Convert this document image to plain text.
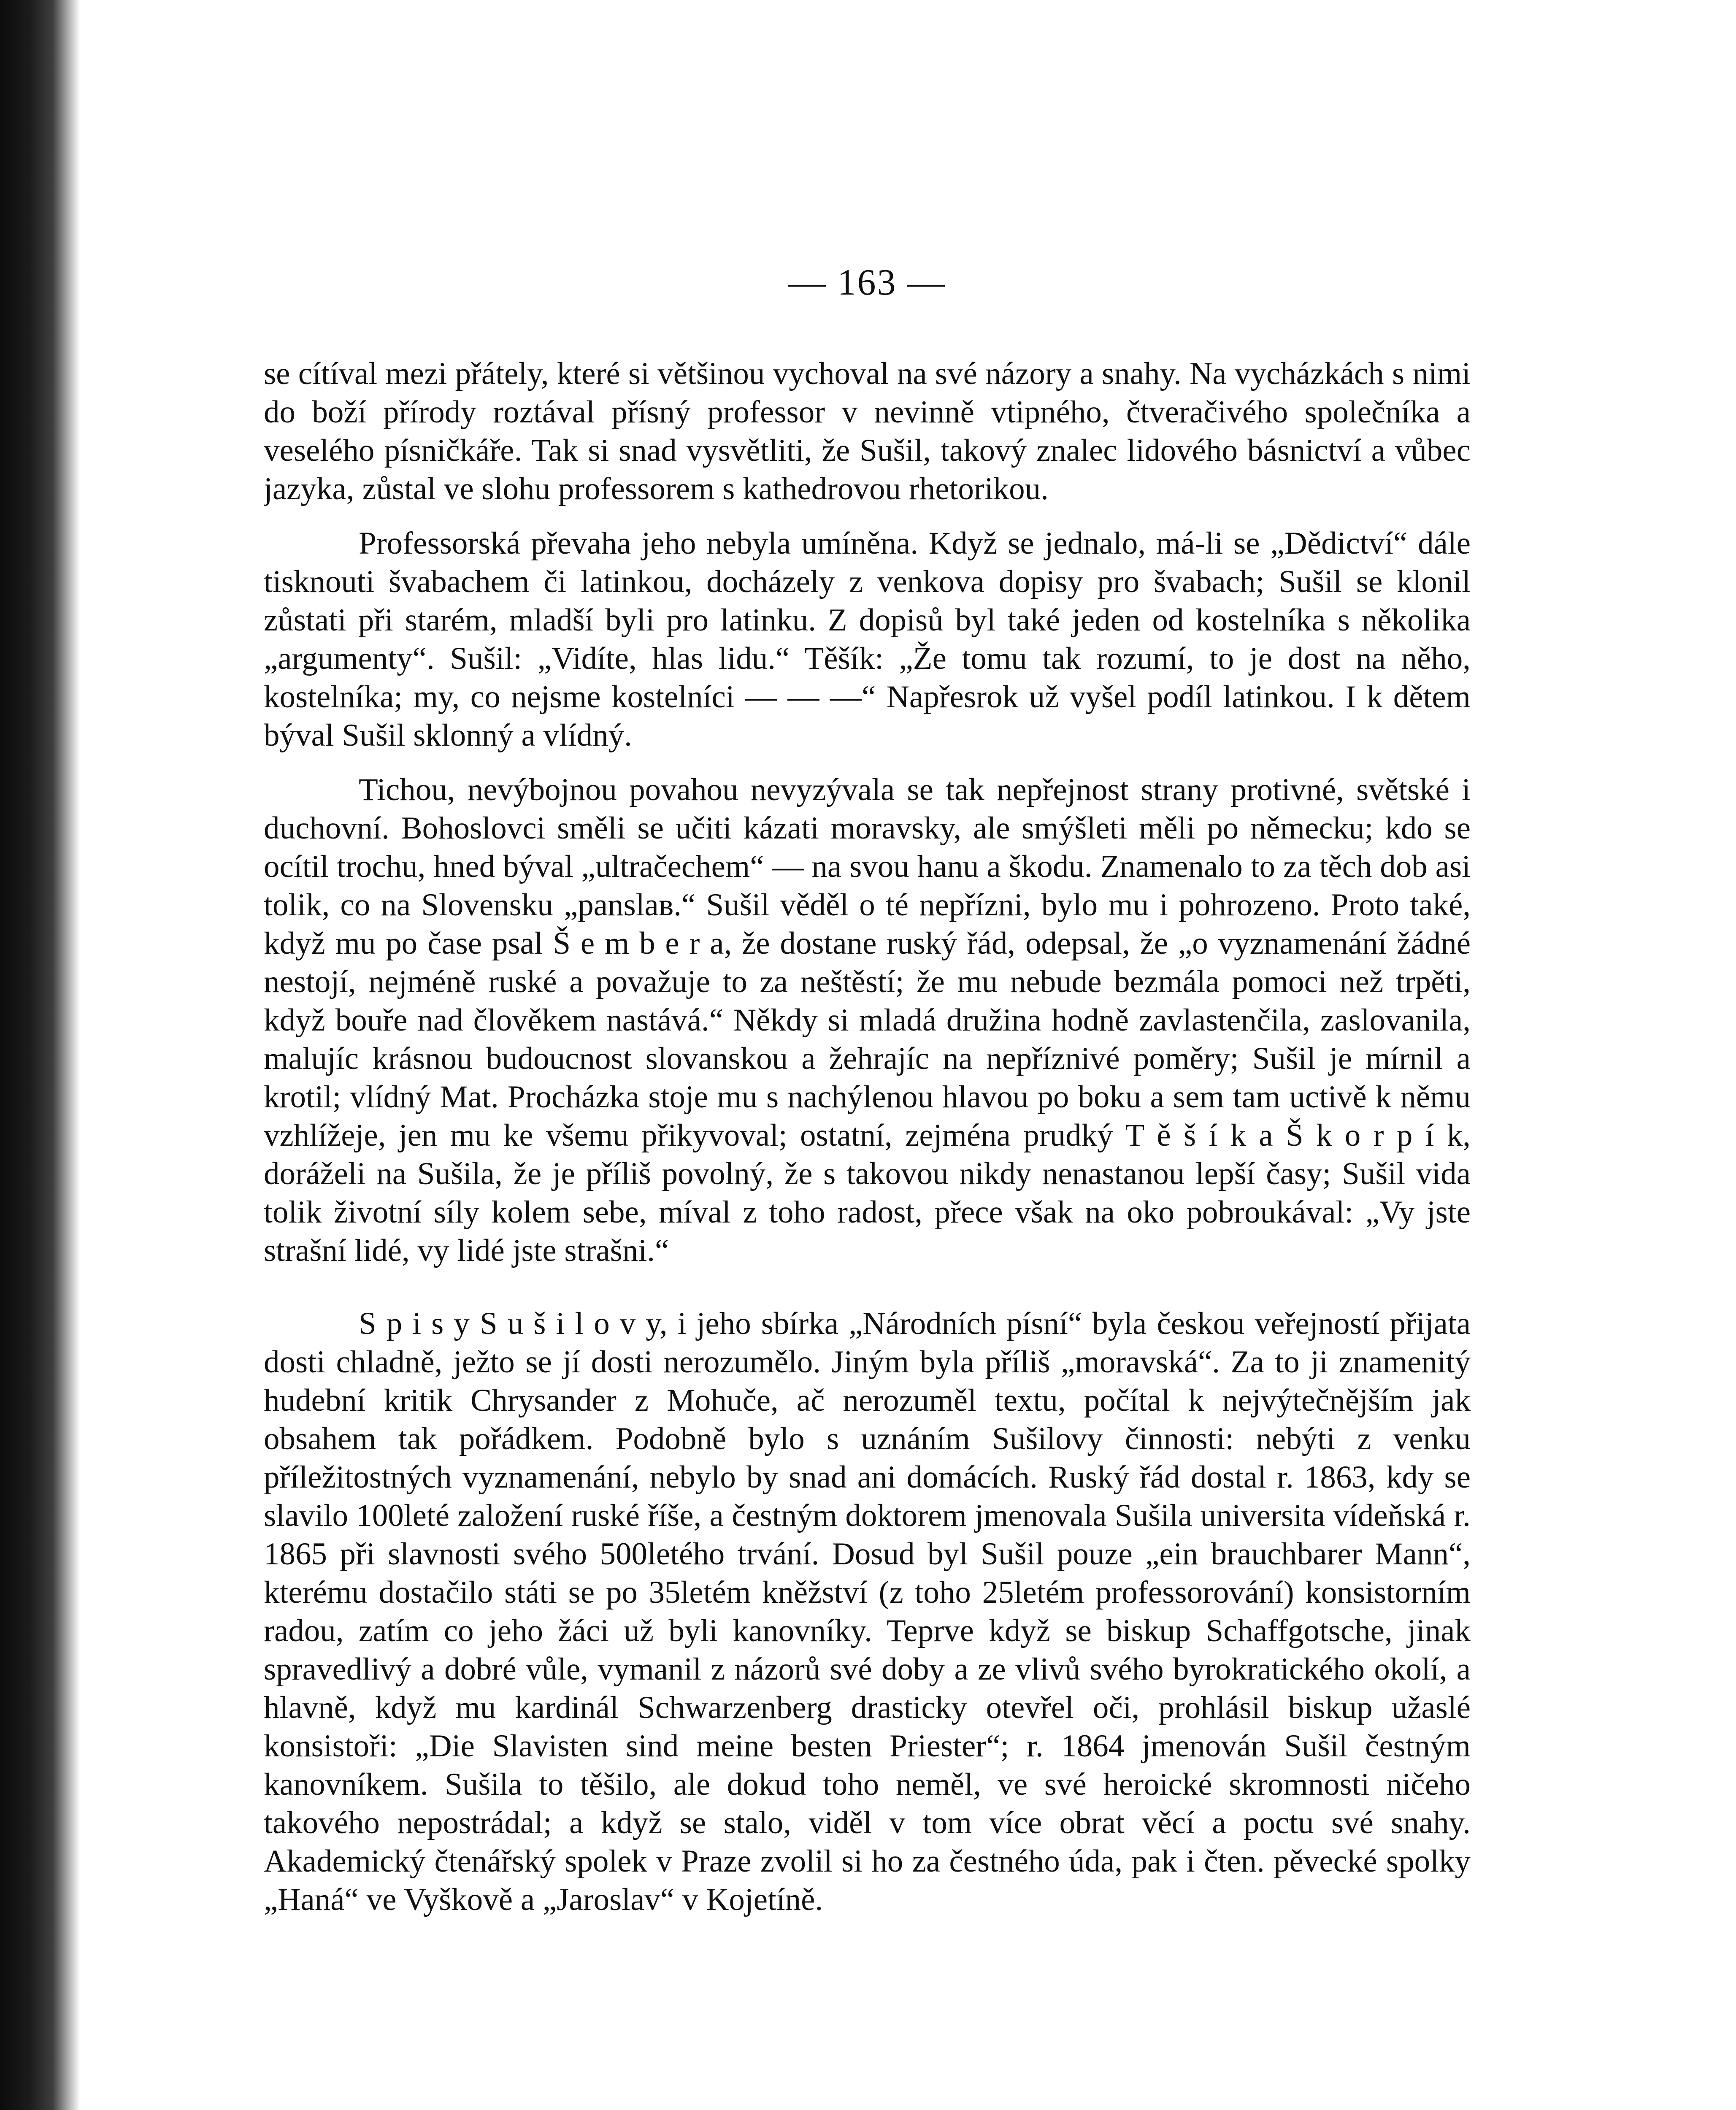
— 163 —

se cítíval mezi přátely, které si většinou vychoval na své názory a snahy. Na vycházkách s nimi do boží přírody roztával přísný professor v nevinně vtipného, čtveračivého společníka a veselého písničkáře. Tak si snad vysvětliti, že Sušil, takový znalec lidového básnictví a vůbec jazyka, zůstal ve slohu professorem s kathedrovou rhetorikou.

Professorská převaha jeho nebyla umíněna. Když se jednalo, má-li se „Dědictví“ dále tisknouti švabachem či latinkou, docházely z venkova dopisy pro švabach; Sušil se klonil zůstati při starém, mladší byli pro latinku. Z dopisů byl také jeden od kostelníka s několika „argumenty“. Sušil: „Vidíte, hlas lidu.“ Těšík: „Že tomu tak rozumí, to je dost na něho, kostelníka; my, co nejsme kostelníci — — —“ Napřesrok už vyšel podíl latinkou. I k dětem býval Sušil sklonný a vlídný.

Tichou, nevýbojnou povahou nevyzývala se tak nepřejnost strany protivné, světské i duchovní. Bohoslovci směli se učiti kázati moravsky, ale smýšleti měli po německu; kdo se ocítil trochu, hned býval „ultračechem“ — na svou hanu a škodu. Znamenalo to za těch dob asi tolik, co na Slovensku „panslав.“ Sušil věděl o té nepřízni, bylo mu i pohrozeno. Proto také, když mu po čase psal Š e m b e r a, že dostane ruský řád, odepsal, že „o vyznamenání žádné nestojí, nejméně ruské a považuje to za neštěstí; že mu nebude bezmála pomoci než trpěti, když bouře nad člověkem nastává.“ Někdy si mladá družina hodně zavlastenčila, zaslovanila, malujíc krásnou budoucnost slovanskou a žehrajíc na nepříznivé poměry; Sušil je mírnil a krotil; vlídný Mat. Procházka stoje mu s nachýlenou hlavou po boku a sem tam uctivě k němu vzhlížeje, jen mu ke všemu přikyvoval; ostatní, zejména prudký T ě š í k a Š k o r p í k, doráželi na Sušila, že je příliš povolný, že s takovou nikdy nenastanou lepší časy; Sušil vida tolik životní síly kolem sebe, míval z toho radost, přece však na oko pobroukával: „Vy jste strašní lidé, vy lidé jste strašni.“

S p i s y S u š i l o v y, i jeho sbírka „Národních písní“ byla českou veřejností přijata dosti chladně, ježto se jí dosti nerozumělo. Jiným byla příliš „moravská“. Za to ji znamenitý hudební kritik Chrysander z Mohuče, ač nerozuměl textu, počítal k nejvýtečnějším jak obsahem tak pořádkem. Podobně bylo s uznáním Sušilovy činnosti: nebýti z venku příležitostných vyznamenání, nebylo by snad ani domácích. Ruský řád dostal r. 1863, kdy se slavilo 100leté založení ruské říše, a čestným doktorem jmenovala Sušila universita vídeňská r. 1865 při slavnosti svého 500letého trvání. Dosud byl Sušil pouze „ein brauchbarer Mann“, kterému dostačilo státi se po 35letém kněžství (z toho 25letém professorování) konsistorním radou, zatím co jeho žáci už byli kanovníky. Teprve když se biskup Schaffgotsche, jinak spravedlivý a dobré vůle, vymanil z názorů své doby a ze vlivů svého byrokratického okolí, a hlavně, když mu kardinál Schwarzenberg drasticky otevřel oči, prohlásil biskup užaslé konsistoři: „Die Slavisten sind meine besten Priester“; r. 1864 jmenován Sušil čestným kanovníkem. Sušila to těšilo, ale dokud toho neměl, ve své heroické skromnosti ničeho takového nepostrádal; a když se stalo, viděl v tom více obrat věcí a poctu své snahy. Akademický čtenářský spolek v Praze zvolil si ho za čestného úda, pak i čten. pěvecké spolky „Haná“ ve Vyškově a „Jaroslav“ v Kojetíně.
